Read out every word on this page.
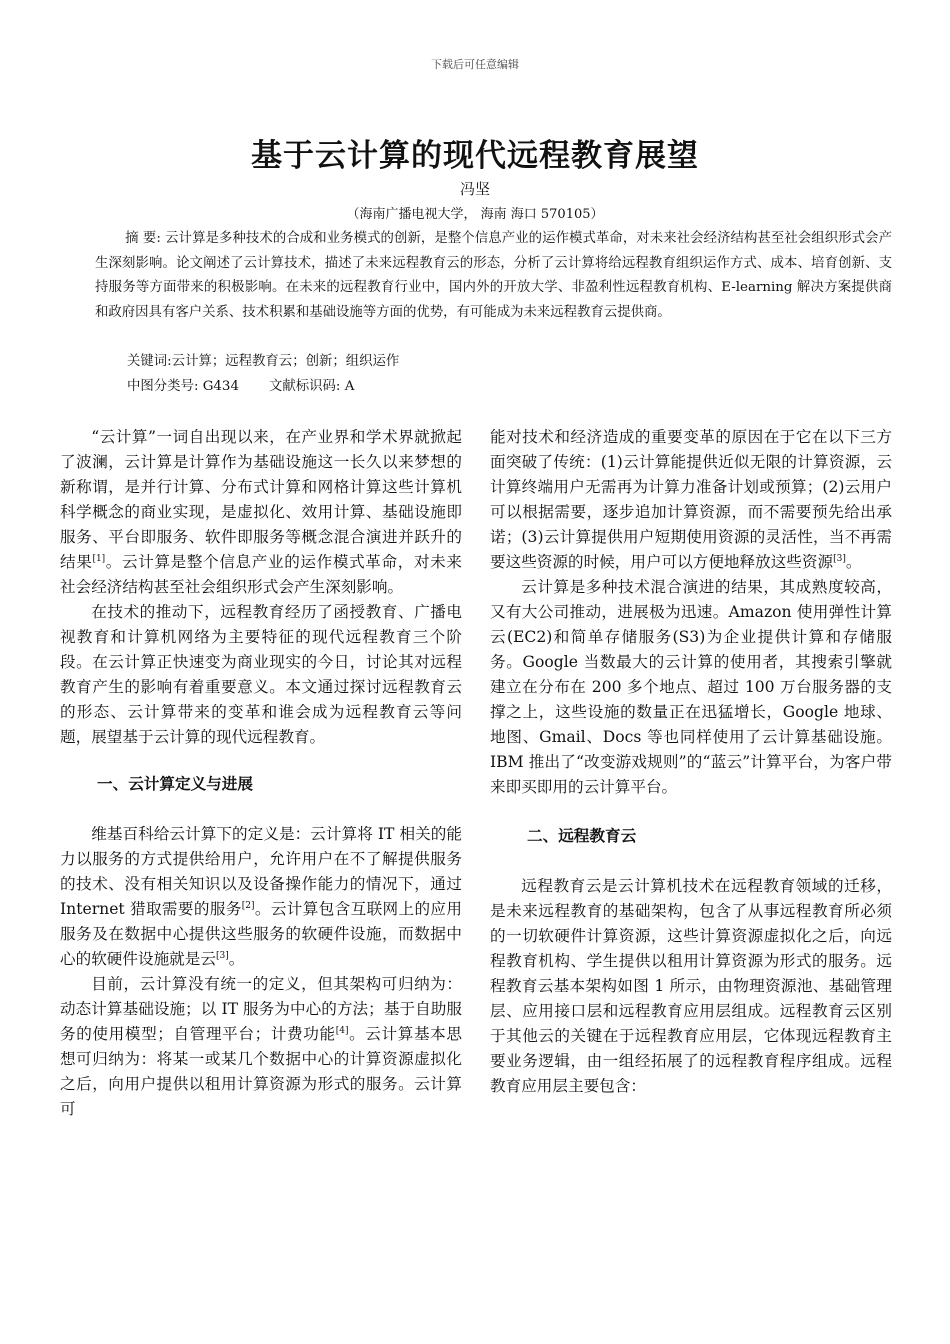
下载后可任意编辑
基于云计算的现代远程教育展望
冯坚
（海南广播电视大学， 海南 海口 570105）

摘 要: 云计算是多种技术的合成和业务模式的创新，是整个信息产业的运作模式革命，对未来社会经济结构甚至社会组织形式会产生深刻影响。论文阐述了云计算技术，描述了未来远程教育云的形态，分析了云计算将给远程教育组织运作方式、成本、培育创新、支持服务等方面带来的积极影响。在未来的远程教育行业中，国内外的开放大学、非盈利性远程教育机构、E-learning 解决方案提供商和政府因具有客户关系、技术积累和基础设施等方面的优势，有可能成为未来远程教育云提供商。

关键词:云计算；远程教育云；创新；组织运作
中图分类号: G434 文献标识码: A

“云计算”一词自出现以来，在产业界和学术界就掀起了波澜，云计算是计算作为基础设施这一长久以来梦想的新称谓，是并行计算、分布式计算和网格计算这些计算机科学概念的商业实现，是虚拟化、效用计算、基础设施即服务、平台即服务、软件即服务等概念混合演进并跃升的结果[1]。云计算是整个信息产业的运作模式革命，对未来社会经济结构甚至社会组织形式会产生深刻影响。

在技术的推动下，远程教育经历了函授教育、广播电视教育和计算机网络为主要特征的现代远程教育三个阶段。在云计算正快速变为商业现实的今日，讨论其对远程教育产生的影响有着重要意义。本文通过探讨远程教育云的形态、云计算带来的变革和谁会成为远程教育云等问题，展望基于云计算的现代远程教育。

一、云计算定义与进展

维基百科给云计算下的定义是：云计算将 IT 相关的能力以服务的方式提供给用户，允许用户在不了解提供服务的技术、没有相关知识以及设备操作能力的情况下，通过 Internet 猎取需要的服务[2]。云计算包含互联网上的应用服务及在数据中心提供这些服务的软硬件设施，而数据中心的软硬件设施就是云[3]。

目前，云计算没有统一的定义，但其架构可归纳为：动态计算基础设施；以 IT 服务为中心的方法；基于自助服务的使用模型；自管理平台；计费功能[4]。云计算基本思想可归纳为：将某一或某几个数据中心的计算资源虚拟化之后，向用户提供以租用计算资源为形式的服务。云计算可

能对技术和经济造成的重要变革的原因在于它在以下三方面突破了传统：(1)云计算能提供近似无限的计算资源，云计算终端用户无需再为计算力准备计划或预算；(2)云用户可以根据需要，逐步追加计算资源，而不需要预先给出承诺；(3)云计算提供用户短期使用资源的灵活性，当不再需要这些资源的时候，用户可以方便地释放这些资源[3]。

云计算是多种技术混合演进的结果，其成熟度较高，又有大公司推动，进展极为迅速。Amazon 使用弹性计算云(EC2)和简单存储服务(S3)为企业提供计算和存储服务。Google 当数最大的云计算的使用者，其搜索引擎就建立在分布在 200 多个地点、超过 100 万台服务器的支撑之上，这些设施的数量正在迅猛增长，Google 地球、地图、Gmail、Docs 等也同样使用了云计算基础设施。IBM 推出了“改变游戏规则”的“蓝云”计算平台，为客户带来即买即用的云计算平台。

二、远程教育云

远程教育云是云计算机技术在远程教育领域的迁移，是未来远程教育的基础架构，包含了从事远程教育所必须的一切软硬件计算资源，这些计算资源虚拟化之后，向远程教育机构、学生提供以租用计算资源为形式的服务。远程教育云基本架构如图 1 所示，由物理资源池、基础管理层、应用接口层和远程教育应用层组成。远程教育云区别于其他云的关键在于远程教育应用层，它体现远程教育主要业务逻辑，由一组经拓展了的远程教育程序组成。远程教育应用层主要包含：
